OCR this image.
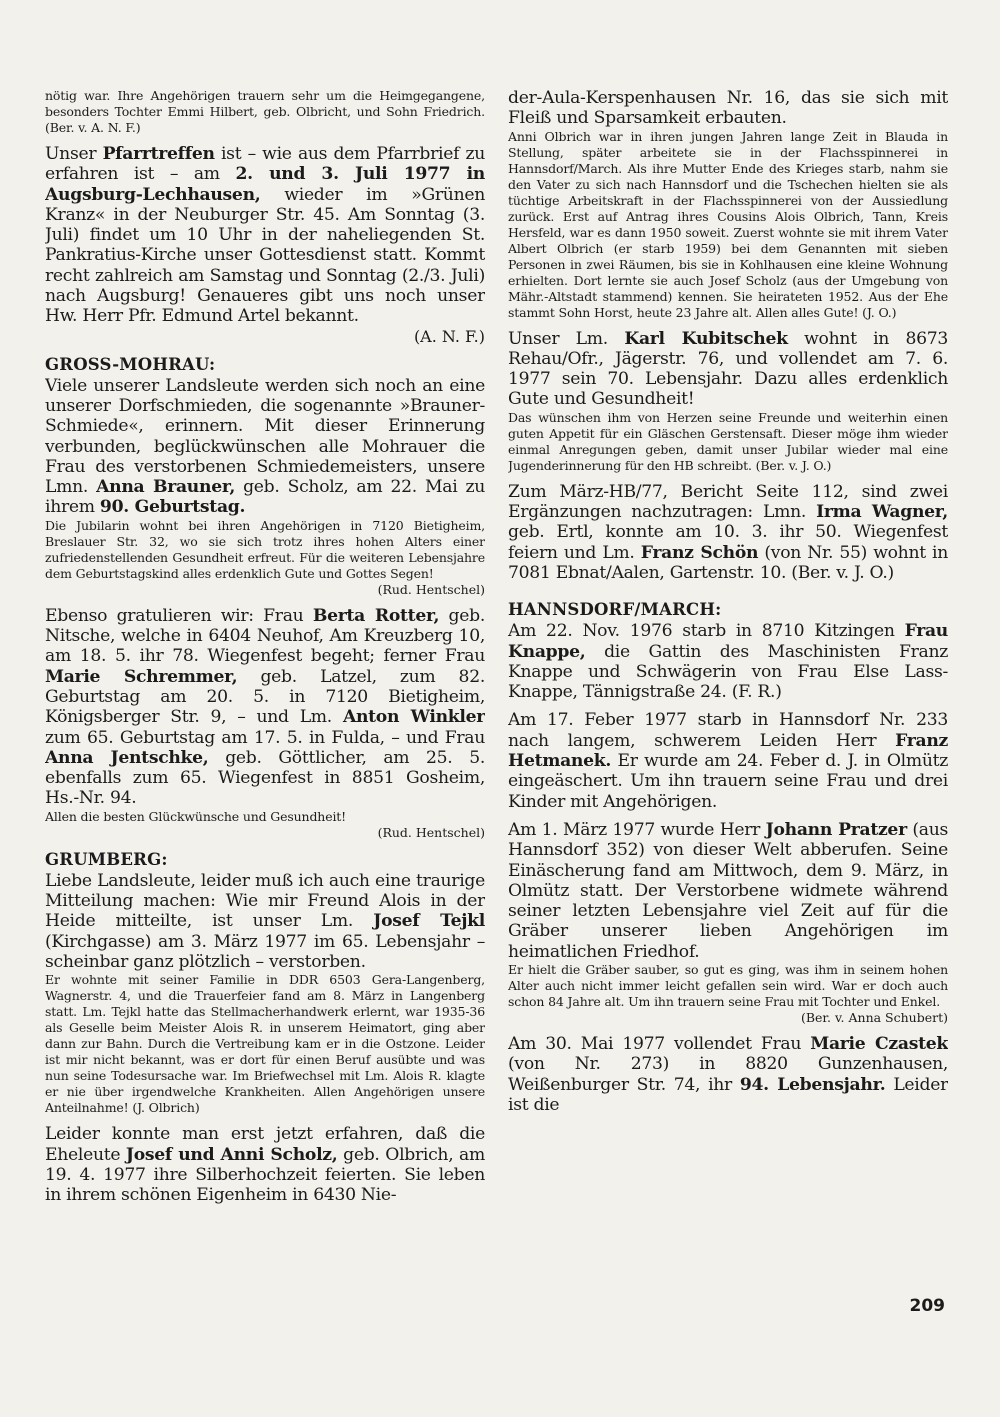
nötig war. Ihre Angehörigen trauern sehr um die Heimgegangene, besonders Tochter Emmi Hilbert, geb. Olbricht, und Sohn Friedrich. (Ber. v. A. N. F.)

Unser Pfarrtreffen ist – wie aus dem Pfarrbrief zu erfahren ist – am 2. und 3. Juli 1977 in Augsburg-Lechhausen, wieder im »Grünen Kranz« in der Neuburger Str. 45. Am Sonntag (3. Juli) findet um 10 Uhr in der naheliegenden St. Pankratius-Kirche unser Gottesdienst statt. Kommt recht zahlreich am Samstag und Sonntag (2./3. Juli) nach Augsburg! Genaueres gibt uns noch unser Hw. Herr Pfr. Edmund Artel bekannt.

(A. N. F.)

GROSS-MOHRAU:

Viele unserer Landsleute werden sich noch an eine unserer Dorfschmieden, die sogenannte »Brauner-Schmiede«, erinnern. Mit dieser Erinnerung verbunden, beglückwünschen alle Mohrauer die Frau des verstorbenen Schmiedemeisters, unsere Lmn. Anna Brauner, geb. Scholz, am 22. Mai zu ihrem 90. Geburtstag.

Die Jubilarin wohnt bei ihren Angehörigen in 7120 Bietigheim, Breslauer Str. 32, wo sie sich trotz ihres hohen Alters einer zufriedenstellenden Gesundheit erfreut. Für die weiteren Lebensjahre dem Geburtstagskind alles erdenklich Gute und Gottes Segen!

(Rud. Hentschel)

Ebenso gratulieren wir: Frau Berta Rotter, geb. Nitsche, welche in 6404 Neuhof, Am Kreuzberg 10, am 18. 5. ihr 78. Wiegenfest begeht; ferner Frau Marie Schremmer, geb. Latzel, zum 82. Geburtstag am 20. 5. in 7120 Bietigheim, Königsberger Str. 9, – und Lm. Anton Winkler zum 65. Geburtstag am 17. 5. in Fulda, – und Frau Anna Jentschke, geb. Göttlicher, am 25. 5. ebenfalls zum 65. Wiegenfest in 8851 Gosheim, Hs.-Nr. 94.

Allen die besten Glückwünsche und Gesundheit!

(Rud. Hentschel)

GRUMBERG:

Liebe Landsleute, leider muß ich auch eine traurige Mitteilung machen: Wie mir Freund Alois in der Heide mitteilte, ist unser Lm. Josef Tejkl (Kirchgasse) am 3. März 1977 im 65. Lebensjahr – scheinbar ganz plötzlich – verstorben.

Er wohnte mit seiner Familie in DDR 6503 Gera-Langenberg, Wagnerstr. 4, und die Trauerfeier fand am 8. März in Langenberg statt. Lm. Tejkl hatte das Stellmacherhandwerk erlernt, war 1935-36 als Geselle beim Meister Alois R. in unserem Heimatort, ging aber dann zur Bahn. Durch die Vertreibung kam er in die Ostzone. Leider ist mir nicht bekannt, was er dort für einen Beruf ausübte und was nun seine Todesursache war. Im Briefwechsel mit Lm. Alois R. klagte er nie über irgendwelche Krankheiten. Allen Angehörigen unsere Anteilnahme! (J. Olbrich)

Leider konnte man erst jetzt erfahren, daß die Eheleute Josef und Anni Scholz, geb. Olbrich, am 19. 4. 1977 ihre Silberhochzeit feierten. Sie leben in ihrem schönen Eigenheim in 6430 Nie-

der-Aula-Kerspenhausen Nr. 16, das sie sich mit Fleiß und Sparsamkeit erbauten.

Anni Olbrich war in ihren jungen Jahren lange Zeit in Blauda in Stellung, später arbeitete sie in der Flachsspinnerei in Hannsdorf/March. Als ihre Mutter Ende des Krieges starb, nahm sie den Vater zu sich nach Hannsdorf und die Tschechen hielten sie als tüchtige Arbeitskraft in der Flachsspinnerei von der Aussiedlung zurück. Erst auf Antrag ihres Cousins Alois Olbrich, Tann, Kreis Hersfeld, war es dann 1950 soweit. Zuerst wohnte sie mit ihrem Vater Albert Olbrich (er starb 1959) bei dem Genannten mit sieben Personen in zwei Räumen, bis sie in Kohlhausen eine kleine Wohnung erhielten. Dort lernte sie auch Josef Scholz (aus der Umgebung von Mähr.-Altstadt stammend) kennen. Sie heirateten 1952. Aus der Ehe stammt Sohn Horst, heute 23 Jahre alt. Allen alles Gute! (J. O.)

Unser Lm. Karl Kubitschek wohnt in 8673 Rehau/Ofr., Jägerstr. 76, und vollendet am 7. 6. 1977 sein 70. Lebensjahr. Dazu alles erdenklich Gute und Gesundheit!

Das wünschen ihm von Herzen seine Freunde und weiterhin einen guten Appetit für ein Gläschen Gerstensaft. Dieser möge ihm wieder einmal Anregungen geben, damit unser Jubilar wieder mal eine Jugenderinnerung für den HB schreibt. (Ber. v. J. O.)

Zum März-HB/77, Bericht Seite 112, sind zwei Ergänzungen nachzutragen: Lmn. Irma Wagner, geb. Ertl, konnte am 10. 3. ihr 50. Wiegenfest feiern und Lm. Franz Schön (von Nr. 55) wohnt in 7081 Ebnat/Aalen, Gartenstr. 10. (Ber. v. J. O.)

HANNSDORF/MARCH:

Am 22. Nov. 1976 starb in 8710 Kitzingen Frau Knappe, die Gattin des Maschinisten Franz Knappe und Schwägerin von Frau Else Lass-Knappe, Tännigstraße 24. (F. R.)

Am 17. Feber 1977 starb in Hannsdorf Nr. 233 nach langem, schwerem Leiden Herr Franz Hetmanek. Er wurde am 24. Feber d. J. in Olmütz eingeäschert. Um ihn trauern seine Frau und drei Kinder mit Angehörigen.

Am 1. März 1977 wurde Herr Johann Pratzer (aus Hannsdorf 352) von dieser Welt abberufen. Seine Einäscherung fand am Mittwoch, dem 9. März, in Olmütz statt. Der Verstorbene widmete während seiner letzten Lebensjahre viel Zeit auf für die Gräber unserer lieben Angehörigen im heimatlichen Friedhof.

Er hielt die Gräber sauber, so gut es ging, was ihm in seinem hohen Alter auch nicht immer leicht gefallen sein wird. War er doch auch schon 84 Jahre alt. Um ihn trauern seine Frau mit Tochter und Enkel.

(Ber. v. Anna Schubert)

Am 30. Mai 1977 vollendet Frau Marie Czastek (von Nr. 273) in 8820 Gunzenhausen, Weißenburger Str. 74, ihr 94. Lebensjahr. Leider ist die

209
